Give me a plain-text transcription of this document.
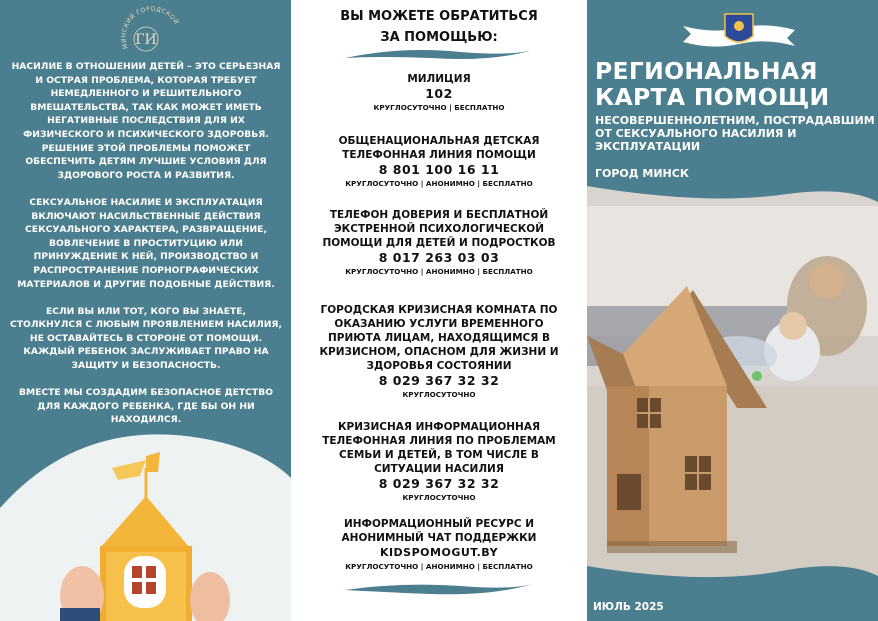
МИНСКИЙ ГОРОДСКОЙ
ГИ

НАСИЛИЕ В ОТНОШЕНИИ ДЕТЕЙ – ЭТО СЕРЬЕЗНАЯ И ОСТРАЯ ПРОБЛЕМА, КОТОРАЯ ТРЕБУЕТ НЕМЕДЛЕННОГО И РЕШИТЕЛЬНОГО ВМЕШАТЕЛЬСТВА, ТАК КАК МОЖЕТ ИМЕТЬ НЕГАТИВНЫЕ ПОСЛЕДСТВИЯ ДЛЯ ИХ ФИЗИЧЕСКОГО И ПСИХИЧЕСКОГО ЗДОРОВЬЯ. РЕШЕНИЕ ЭТОЙ ПРОБЛЕМЫ ПОМОЖЕТ ОБЕСПЕЧИТЬ ДЕТЯМ ЛУЧШИЕ УСЛОВИЯ ДЛЯ ЗДОРОВОГО РОСТА И РАЗВИТИЯ.

СЕКСУАЛЬНОЕ НАСИЛИЕ И ЭКСПЛУАТАЦИЯ ВКЛЮЧАЮТ НАСИЛЬСТВЕННЫЕ ДЕЙСТВИЯ СЕКСУАЛЬНОГО ХАРАКТЕРА, РАЗВРАЩЕНИЕ, ВОВЛЕЧЕНИЕ В ПРОСТИТУЦИЮ ИЛИ ПРИНУЖДЕНИЕ К НЕЙ, ПРОИЗВОДСТВО И РАСПРОСТРАНЕНИЕ ПОРНОГРАФИЧЕСКИХ МАТЕРИАЛОВ И ДРУГИЕ ПОДОБНЫЕ ДЕЙСТВИЯ.

ЕСЛИ ВЫ ИЛИ ТОТ, КОГО ВЫ ЗНАЕТЕ, СТОЛКНУЛСЯ С ЛЮБЫМ ПРОЯВЛЕНИЕМ НАСИЛИЯ, НЕ ОСТАВАЙТЕСЬ В СТОРОНЕ ОТ ПОМОЩИ. КАЖДЫЙ РЕБЕНОК ЗАСЛУЖИВАЕТ ПРАВО НА ЗАЩИТУ И БЕЗОПАСНОСТЬ.

ВМЕСТЕ МЫ СОЗДАДИМ БЕЗОПАСНОЕ ДЕТСТВО ДЛЯ КАЖДОГО РЕБЕНКА, ГДЕ БЫ ОН НИ НАХОДИЛСЯ.

ВЫ МОЖЕТЕ ОБРАТИТЬСЯ
ЗА ПОМОЩЬЮ:
МИЛИЦИЯ
102
КРУГЛОСУТОЧНО | БЕСПЛАТНО
ОБЩЕНАЦИОНАЛЬНАЯ ДЕТСКАЯ ТЕЛЕФОННАЯ ЛИНИЯ ПОМОЩИ
8 801 100 16 11
КРУГЛОСУТОЧНО | АНОНИМНО | БЕСПЛАТНО
ТЕЛЕФОН ДОВЕРИЯ И БЕСПЛАТНОЙ ЭКСТРЕННОЙ ПСИХОЛОГИЧЕСКОЙ ПОМОЩИ ДЛЯ ДЕТЕЙ И ПОДРОСТКОВ
8 017 263 03 03
КРУГЛОСУТОЧНО | АНОНИМНО | БЕСПЛАТНО
ГОРОДСКАЯ КРИЗИСНАЯ КОМНАТА ПО ОКАЗАНИЮ УСЛУГИ ВРЕМЕННОГО ПРИЮТА ЛИЦАМ, НАХОДЯЩИМСЯ В КРИЗИСНОМ, ОПАСНОМ ДЛЯ ЖИЗНИ И ЗДОРОВЬЯ СОСТОЯНИИ
8 029 367 32 32
КРУГЛОСУТОЧНО
КРИЗИСНАЯ ИНФОРМАЦИОННАЯ ТЕЛЕФОННАЯ ЛИНИЯ ПО ПРОБЛЕМАМ СЕМЬИ И ДЕТЕЙ, В ТОМ ЧИСЛЕ В СИТУАЦИИ НАСИЛИЯ
8 029 367 32 32
КРУГЛОСУТОЧНО
ИНФОРМАЦИОННЫЙ РЕСУРС И АНОНИМНЫЙ ЧАТ ПОДДЕРЖКИ
KIDSPOMOGUT.BY
КРУГЛОСУТОЧНО | АНОНИМНО | БЕСПЛАТНО
РЕГИОНАЛЬНАЯ
КАРТА ПОМОЩИ
НЕСОВЕРШЕННОЛЕТНИМ, ПОСТРАДАВШИМ ОТ СЕКСУАЛЬНОГО НАСИЛИЯ И ЭКСПЛУАТАЦИИ
ГОРОД МИНСК
ИЮЛЬ 2025
